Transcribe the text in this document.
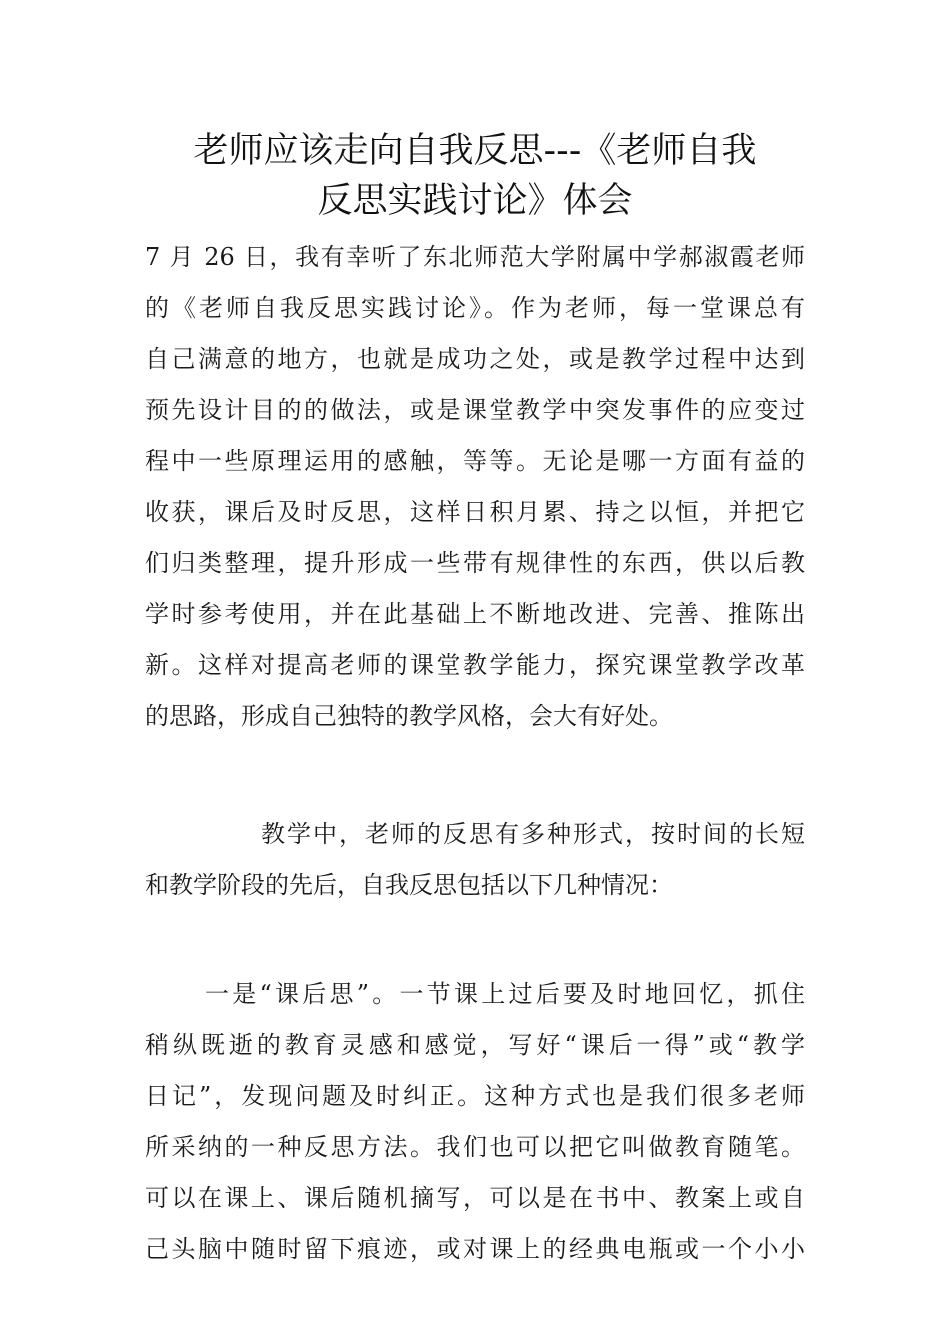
老师应该走向自我反思---《老师自我
反思实践讨论》体会
7 月 26 日，我有幸听了东北师范大学附属中学郝淑霞老师
的《老师自我反思实践讨论》。作为老师，每一堂课总有
自己满意的地方，也就是成功之处，或是教学过程中达到
预先设计目的的做法，或是课堂教学中突发事件的应变过
程中一些原理运用的感触，等等。无论是哪一方面有益的
收获，课后及时反思，这样日积月累、持之以恒，并把它
们归类整理，提升形成一些带有规律性的东西，供以后教
学时参考使用，并在此基础上不断地改进、完善、推陈出
新。这样对提高老师的课堂教学能力，探究课堂教学改革
的思路，形成自己独特的教学风格，会大有好处。
教学中，老师的反思有多种形式，按时间的长短
和教学阶段的先后，自我反思包括以下几种情况：
一是“课后思”。一节课上过后要及时地回忆，抓住
稍纵既逝的教育灵感和感觉，写好“课后一得”或“教学
日记”，发现问题及时纠正。这种方式也是我们很多老师
所采纳的一种反思方法。我们也可以把它叫做教育随笔。
可以在课上、课后随机摘写，可以是在书中、教案上或自
己头脑中随时留下痕迹，或对课上的经典电瓶或一个小小
